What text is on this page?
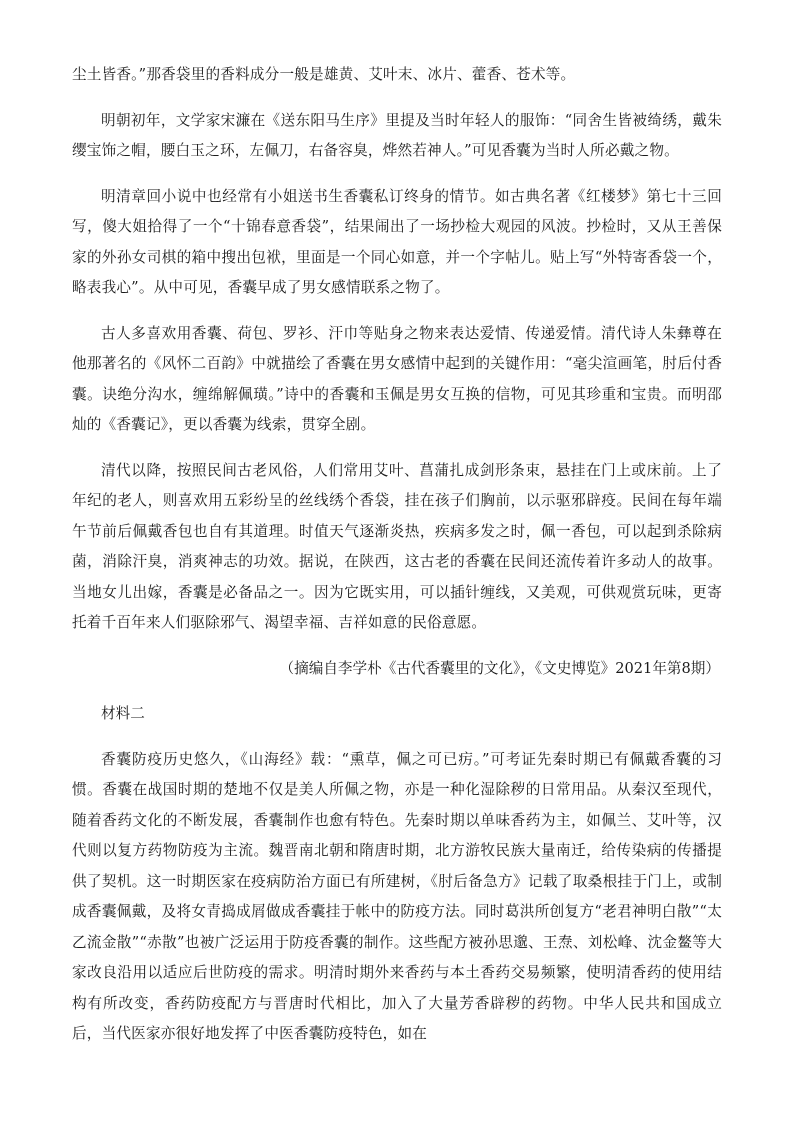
尘土皆香。”那香袋里的香料成分一般是雄黄、艾叶末、冰片、藿香、苍术等。

明朝初年，文学家宋濂在《送东阳马生序》里提及当时年轻人的服饰：“同舍生皆被绮绣，戴朱缨宝饰之帽，腰白玉之环，左佩刀，右备容臭，烨然若神人。”可见香囊为当时人所必戴之物。

明清章回小说中也经常有小姐送书生香囊私订终身的情节。如古典名著《红楼梦》第七十三回写，傻大姐拾得了一个“十锦春意香袋”，结果闹出了一场抄检大观园的风波。抄检时，又从王善保家的外孙女司棋的箱中搜出包袱，里面是一个同心如意，并一个字帖儿。贴上写“外特寄香袋一个，略表我心”。从中可见，香囊早成了男女感情联系之物了。

古人多喜欢用香囊、荷包、罗衫、汗巾等贴身之物来表达爱情、传递爱情。清代诗人朱彝尊在他那著名的《风怀二百韵》中就描绘了香囊在男女感情中起到的关键作用：“毫尖渲画笔，肘后付香囊。诀绝分沟水，缠绵解佩璜。”诗中的香囊和玉佩是男女互换的信物，可见其珍重和宝贵。而明邵灿的《香囊记》，更以香囊为线索，贯穿全剧。

清代以降，按照民间古老风俗，人们常用艾叶、菖蒲扎成剑形条束，悬挂在门上或床前。上了年纪的老人，则喜欢用五彩纷呈的丝线绣个香袋，挂在孩子们胸前，以示驱邪辟疫。民间在每年端午节前后佩戴香包也自有其道理。时值天气逐渐炎热，疾病多发之时，佩一香包，可以起到杀除病菌，消除汗臭，消爽神志的功效。据说，在陕西，这古老的香囊在民间还流传着许多动人的故事。当地女儿出嫁，香囊是必备品之一。因为它既实用，可以插针缠线，又美观，可供观赏玩味，更寄托着千百年来人们驱除邪气、渴望幸福、吉祥如意的民俗意愿。

（摘编自李学朴《古代香囊里的文化》，《文史博览》2021年第8期）

材料二

香囊防疫历史悠久，《山海经》载：“熏草，佩之可已疠。”可考证先秦时期已有佩戴香囊的习惯。香囊在战国时期的楚地不仅是美人所佩之物，亦是一种化湿除秽的日常用品。从秦汉至现代，随着香药文化的不断发展，香囊制作也愈有特色。先秦时期以单味香药为主，如佩兰、艾叶等，汉代则以复方药物防疫为主流。魏晋南北朝和隋唐时期，北方游牧民族大量南迁，给传染病的传播提供了契机。这一时期医家在疫病防治方面已有所建树，《肘后备急方》记载了取桑根挂于门上，或制成香囊佩戴，及将女青捣成屑做成香囊挂于帐中的防疫方法。同时葛洪所创复方“老君神明白散”“太乙流金散”“赤散”也被广泛运用于防疫香囊的制作。这些配方被孙思邈、王焘、刘松峰、沈金鳌等大家改良沿用以适应后世防疫的需求。明清时期外来香药与本土香药交易频繁，使明清香药的使用结构有所改变，香药防疫配方与晋唐时代相比，加入了大量芳香辟秽的药物。中华人民共和国成立后，当代医家亦很好地发挥了中医香囊防疫特色，如在
